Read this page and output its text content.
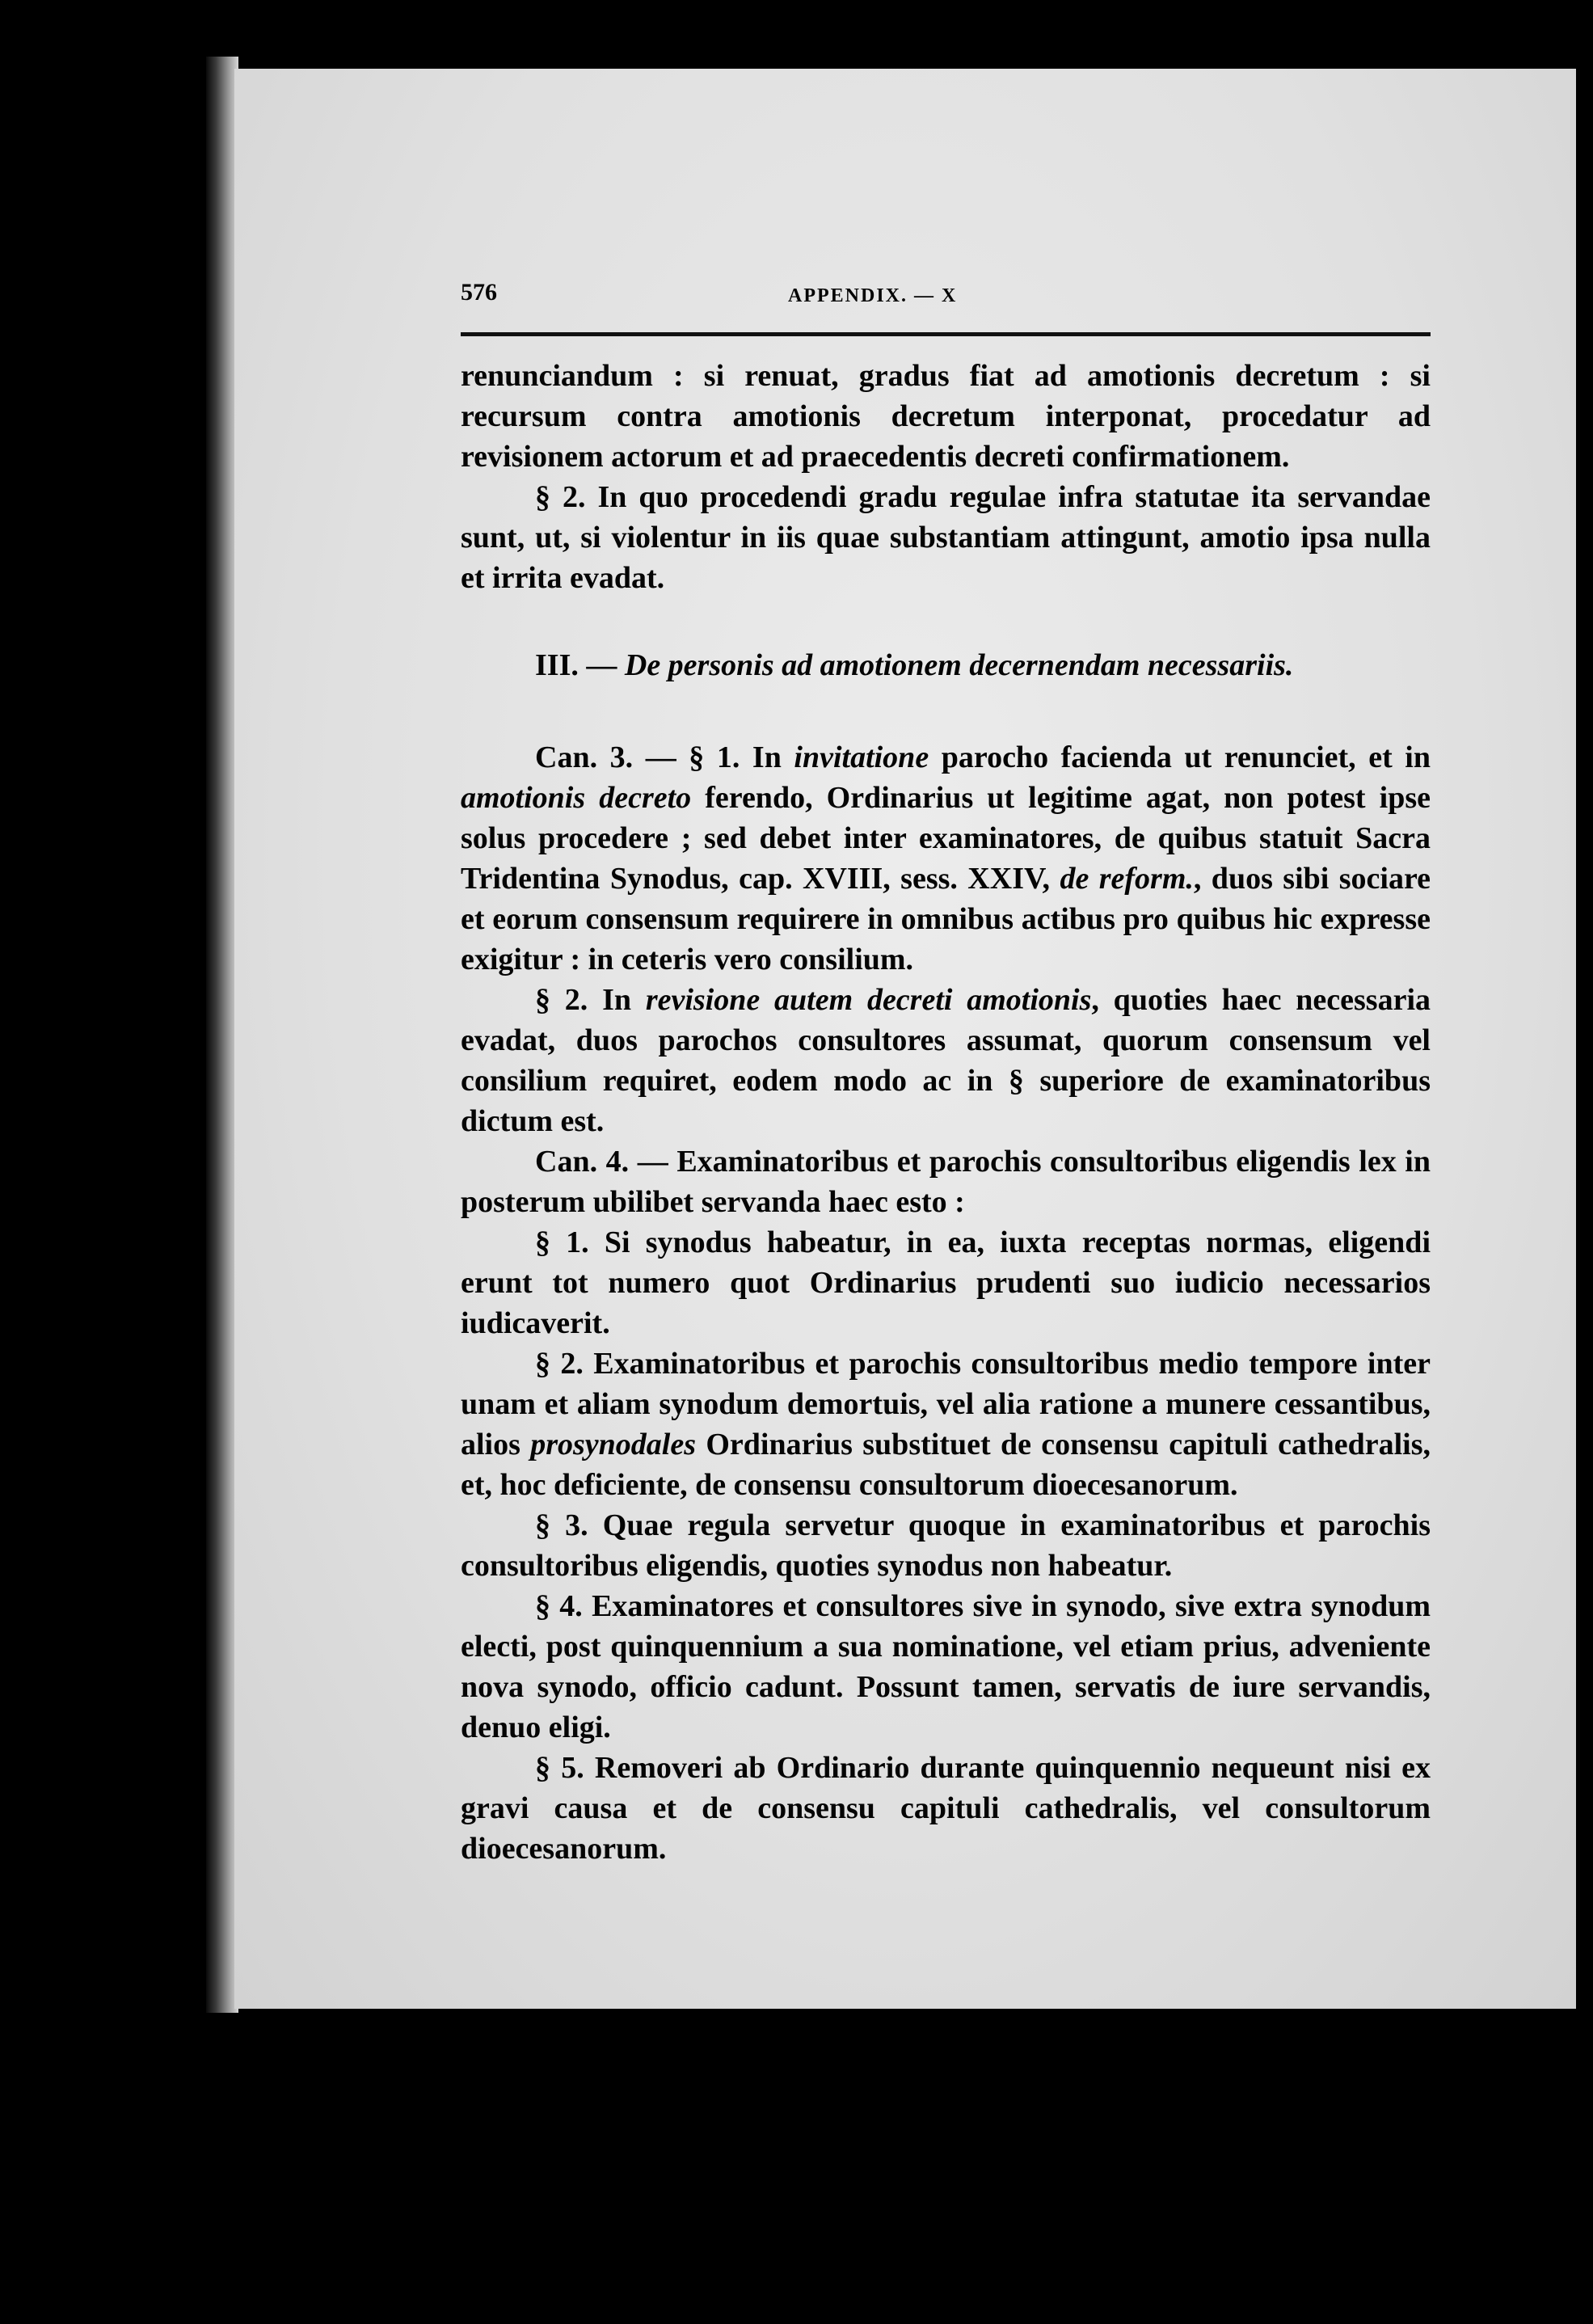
576	APPENDIX. — X

renunciandum : si renuat, gradus fiat ad amotionis decretum : si recursum contra amotionis decretum interponat, procedatur ad revisionem actorum et ad praecedentis decreti confirmationem.

§ 2. In quo procedendi gradu regulae infra statutae ita servandae sunt, ut, si violentur in iis quae substantiam attingunt, amotio ipsa nulla et irrita evadat.

III. — De personis ad amotionem decernendam necessariis.

Can. 3. — § 1. In invitatione parocho facienda ut renunciet, et in amotionis decreto ferendo, Ordinarius ut legitime agat, non potest ipse solus procedere ; sed debet inter examinatores, de quibus statuit Sacra Tridentina Synodus, cap. XVIII, sess. XXIV, de reform., duos sibi sociare et eorum consensum requirere in omnibus actibus pro quibus hic expresse exigitur : in ceteris vero consilium.

§ 2. In revisione autem decreti amotionis, quoties haec necessaria evadat, duos parochos consultores assumat, quorum consensum vel consilium requiret, eodem modo ac in § superiore de examinatoribus dictum est.

Can. 4. — Examinatoribus et parochis consultoribus eligendis lex in posterum ubilibet servanda haec esto :

§ 1. Si synodus habeatur, in ea, iuxta receptas normas, eligendi erunt tot numero quot Ordinarius prudenti suo iudicio necessarios iudicaverit.

§ 2. Examinatoribus et parochis consultoribus medio tempore inter unam et aliam synodum demortuis, vel alia ratione a munere cessantibus, alios prosynodales Ordinarius substituet de consensu capituli cathedralis, et, hoc deficiente, de consensu consultorum dioecesanorum.

§ 3. Quae regula servetur quoque in examinatoribus et parochis consultoribus eligendis, quoties synodus non habeatur.

§ 4. Examinatores et consultores sive in synodo, sive extra synodum electi, post quinquennium a sua nominatione, vel etiam prius, adveniente nova synodo, officio cadunt. Possunt tamen, servatis de iure servandis, denuo eligi.

§ 5. Removeri ab Ordinario durante quinquennio nequeunt nisi ex gravi causa et de consensu capituli cathedralis, vel consultorum dioecesanorum.
